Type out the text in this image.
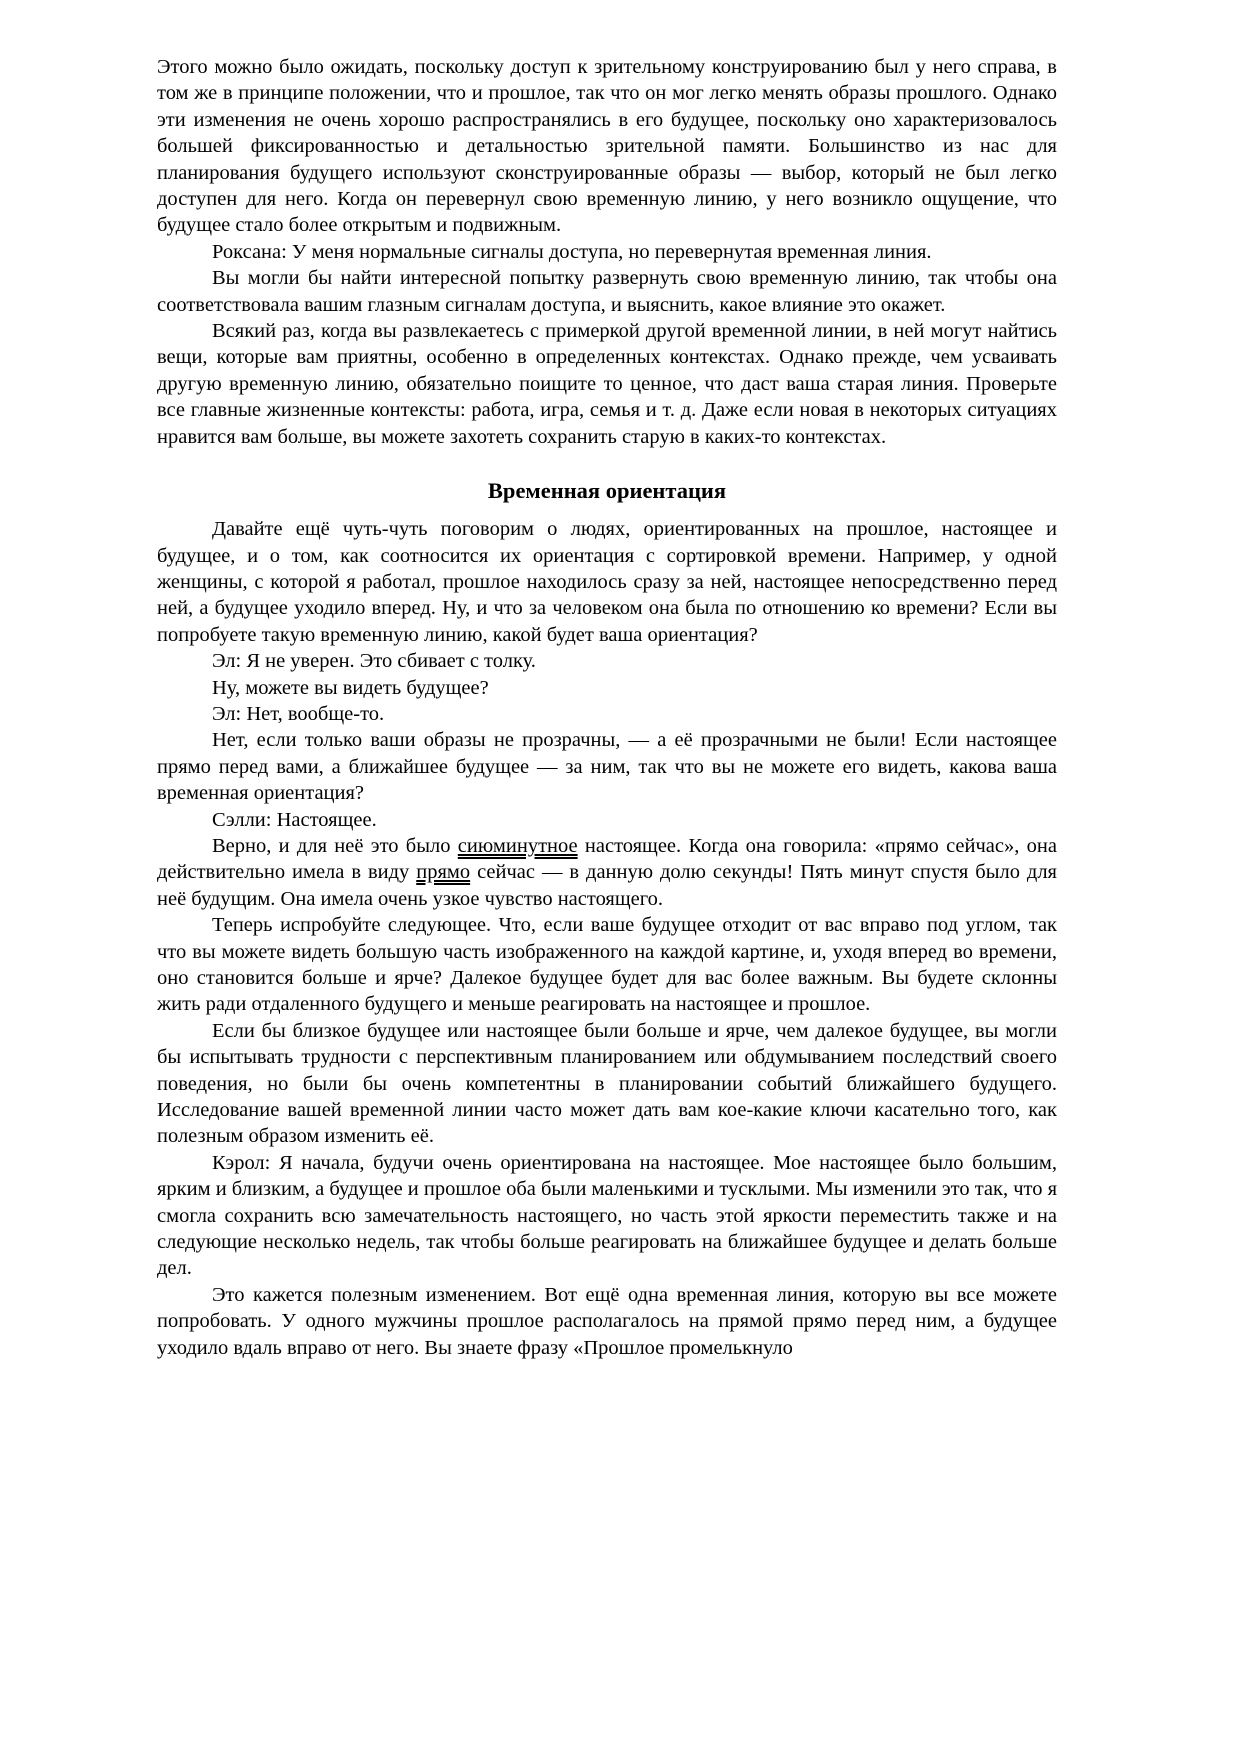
Этого можно было ожидать, поскольку доступ к зрительному конструированию был у него справа, в том же в принципе положении, что и прошлое, так что он мог легко менять образы прошлого. Однако эти изменения не очень хорошо распространялись в его будущее, поскольку оно характеризовалось большей фиксированностью и детальностью зрительной памяти. Большинство из нас для планирования будущего используют сконструированные образы — выбор, который не был легко доступен для него. Когда он перевернул свою временную линию, у него возникло ощущение, что будущее стало более открытым и подвижным.

Роксана: У меня нормальные сигналы доступа, но перевернутая временная линия.

Вы могли бы найти интересной попытку развернуть свою временную линию, так чтобы она соответствовала вашим глазным сигналам доступа, и выяснить, какое влияние это окажет.

Всякий раз, когда вы развлекаетесь с примеркой другой временной линии, в ней могут найтись вещи, которые вам приятны, особенно в определенных контекстах. Однако прежде, чем усваивать другую временную линию, обязательно поищите то ценное, что даст ваша старая линия. Проверьте все главные жизненные контексты: работа, игра, семья и т. д. Даже если новая в некоторых ситуациях нравится вам больше, вы можете захотеть сохранить старую в каких-то контекстах.

Временная ориентация

Давайте ещё чуть-чуть поговорим о людях, ориентированных на прошлое, настоящее и будущее, и о том, как соотносится их ориентация с сортировкой времени. Например, у одной женщины, с которой я работал, прошлое находилось сразу за ней, настоящее непосредственно перед ней, а будущее уходило вперед. Ну, и что за человеком она была по отношению ко времени? Если вы попробуете такую временную линию, какой будет ваша ориентация?

Эл: Я не уверен. Это сбивает с толку.

Ну, можете вы видеть будущее?

Эл: Нет, вообще-то.

Нет, если только ваши образы не прозрачны, — а её прозрачными не были! Если настоящее прямо перед вами, а ближайшее будущее — за ним, так что вы не можете его видеть, какова ваша временная ориентация?

Сэлли: Настоящее.

Верно, и для неё это было сиюминутное настоящее. Когда она говорила: «прямо сейчас», она действительно имела в виду прямо сейчас — в данную долю секунды! Пять минут спустя было для неё будущим. Она имела очень узкое чувство настоящего.

Теперь испробуйте следующее. Что, если ваше будущее отходит от вас вправо под углом, так что вы можете видеть большую часть изображенного на каждой картине, и, уходя вперед во времени, оно становится больше и ярче? Далекое будущее будет для вас более важным. Вы будете склонны жить ради отдаленного будущего и меньше реагировать на настоящее и прошлое.

Если бы близкое будущее или настоящее были больше и ярче, чем далекое будущее, вы могли бы испытывать трудности с перспективным планированием или обдумыванием последствий своего поведения, но были бы очень компетентны в планировании событий ближайшего будущего. Исследование вашей временной линии часто может дать вам кое-какие ключи касательно того, как полезным образом изменить её.

Кэрол: Я начала, будучи очень ориентирована на настоящее. Мое настоящее было большим, ярким и близким, а будущее и прошлое оба были маленькими и тусклыми. Мы изменили это так, что я смогла сохранить всю замечательность настоящего, но часть этой яркости переместить также и на следующие несколько недель, так чтобы больше реагировать на ближайшее будущее и делать больше дел.

Это кажется полезным изменением. Вот ещё одна временная линия, которую вы все можете попробовать. У одного мужчины прошлое располагалось на прямой прямо перед ним, а будущее уходило вдаль вправо от него. Вы знаете фразу «Прошлое промелькнуло
